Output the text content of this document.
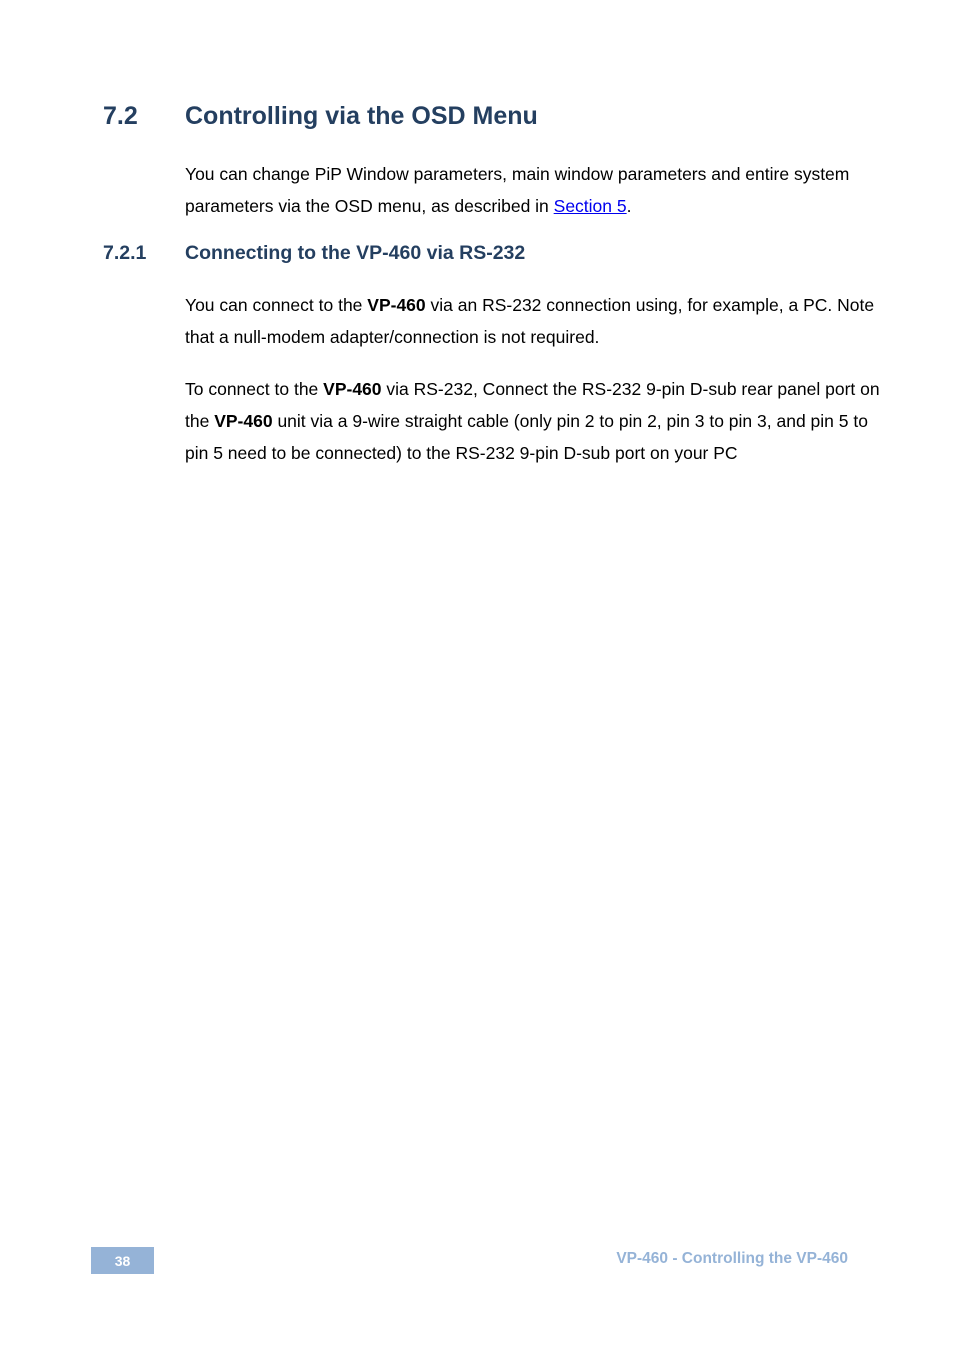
7.2 Controlling via the OSD Menu
You can change PiP Window parameters, main window parameters and entire system parameters via the OSD menu, as described in Section 5.
7.2.1 Connecting to the VP-460 via RS-232
You can connect to the VP-460 via an RS-232 connection using, for example, a PC. Note that a null-modem adapter/connection is not required.
To connect to the VP-460 via RS-232, Connect the RS-232 9-pin D-sub rear panel port on the VP-460 unit via a 9-wire straight cable (only pin 2 to pin 2, pin 3 to pin 3, and pin 5 to pin 5 need to be connected) to the RS-232 9-pin D-sub port on your PC
38	VP-460 - Controlling the VP-460
